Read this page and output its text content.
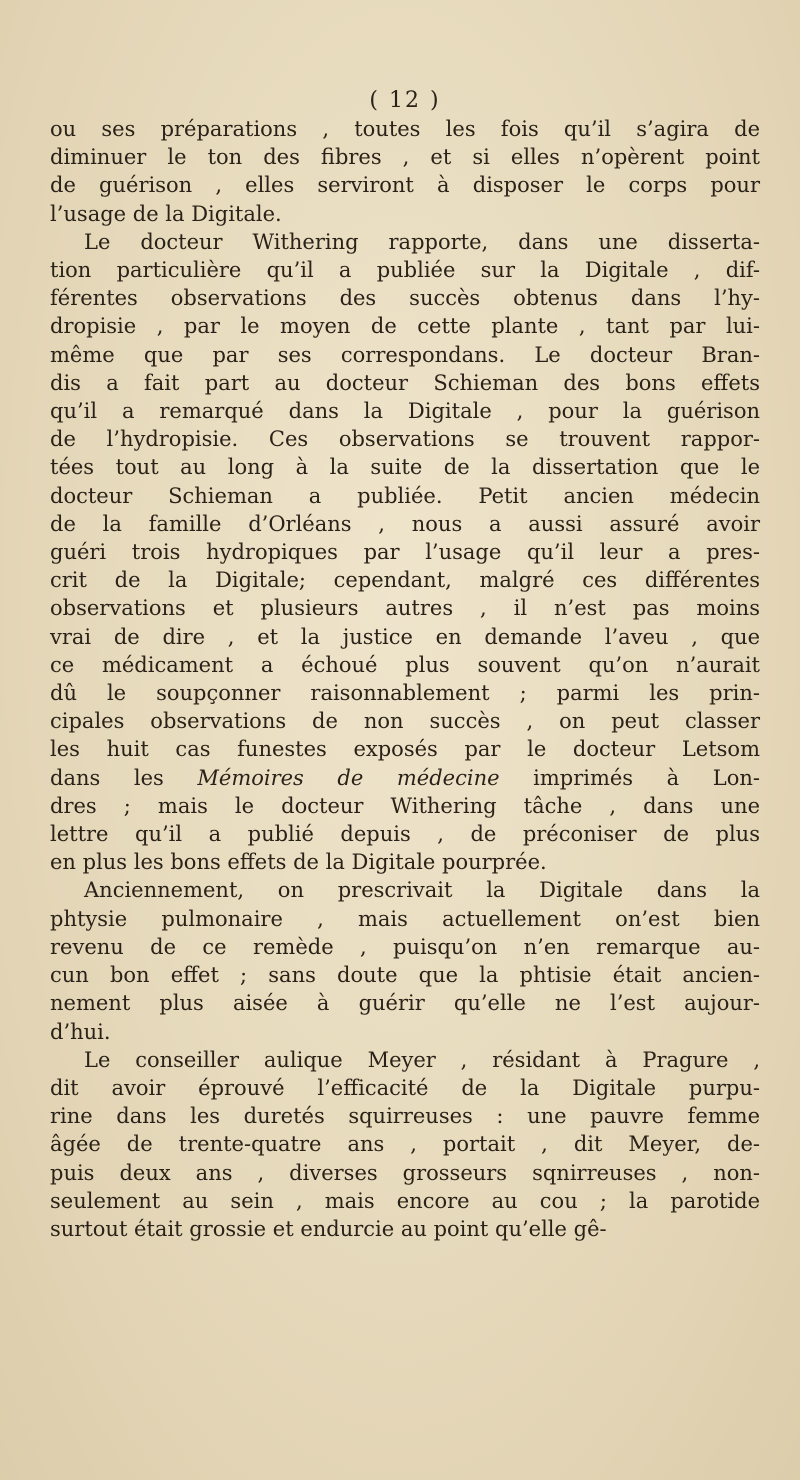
( 12 )
ou ses préparations , toutes les fois qu’il s’agira de
diminuer le ton des fibres , et si elles n’opèrent point
de guérison , elles serviront à disposer le corps pour
l’usage de la Digitale.
Le docteur Withering rapporte, dans une disserta-
tion particulière qu’il a publiée sur la Digitale , dif-
férentes observations des succès obtenus dans l’hy-
dropisie , par le moyen de cette plante , tant par lui-
même que par ses correspondans. Le docteur Bran-
dis a fait part au docteur Schieman des bons effets
qu’il a remarqué dans la Digitale , pour la guérison
de l’hydropisie. Ces observations se trouvent rappor-
tées tout au long à la suite de la dissertation que le
docteur Schieman a publiée. Petit ancien médecin
de la famille d’Orléans , nous a aussi assuré avoir
guéri trois hydropiques par l’usage qu’il leur a pres-
crit de la Digitale; cependant, malgré ces différentes
observations et plusieurs autres , il n’est pas moins
vrai de dire , et la justice en demande l’aveu , que
ce médicament a échoué plus souvent qu’on n’aurait
dû le soupçonner raisonnablement ; parmi les prin-
cipales observations de non succès , on peut classer
les huit cas funestes exposés par le docteur Letsom
dans les Mémoires de médecine imprimés à Lon-
dres ; mais le docteur Withering tâche , dans une
lettre qu’il a publié depuis , de préconiser de plus
en plus les bons effets de la Digitale pourprée.
Anciennement, on prescrivait la Digitale dans la
phtysie pulmonaire , mais actuellement on’est bien
revenu de ce remède , puisqu’on n’en remarque au-
cun bon effet ; sans doute que la phtisie était ancien-
nement plus aisée à guérir qu’elle ne l’est aujour-
d’hui.
Le conseiller aulique Meyer , résidant à Pragure ,
dit avoir éprouvé l’efficacité de la Digitale purpu-
rine dans les duretés squirreuses : une pauvre femme
âgée de trente-quatre ans , portait , dit Meyer, de-
puis deux ans , diverses grosseurs sqnirreuses , non-
seulement au sein , mais encore au cou ; la parotide
surtout était grossie et endurcie au point qu’elle gê-
